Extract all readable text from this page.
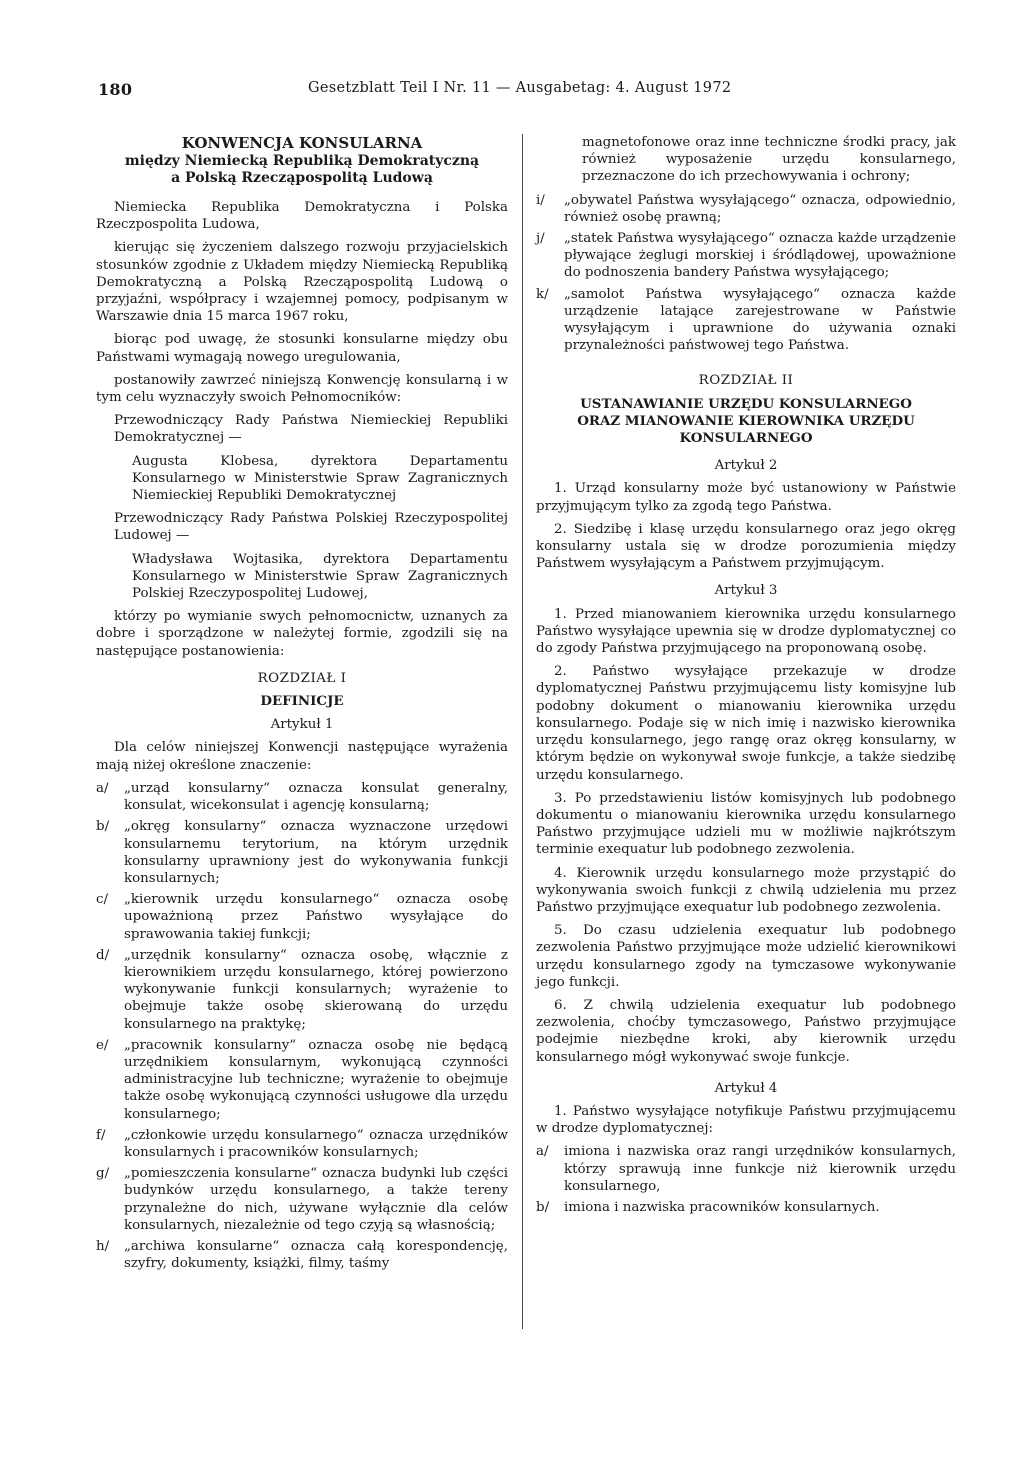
180	Gesetzblatt Teil I Nr. 11 — Ausgabetag: 4. August 1972

KONWENCJA KONSULARNA

między Niemiecką Republiką Demokratyczną

a Polską Rzecząpospolitą Ludową

Niemiecka Republika Demokratyczna i Polska Rzeczpospolita Ludowa,

kierując się życzeniem dalszego rozwoju przyjacielskich stosunków zgodnie z Układem między Niemiecką Republiką Demokratyczną a Polską Rzecząpospolitą Ludową o przyjaźni, współpracy i wzajemnej pomocy, podpisanym w Warszawie dnia 15 marca 1967 roku,

biorąc pod uwagę, że stosunki konsularne między obu Państwami wymagają nowego uregulowania,

postanowiły zawrzeć niniejszą Konwencję konsularną i w tym celu wyznaczyły swoich Pełnomocników:

Przewodniczący Rady Państwa Niemieckiej Republiki Demokratycznej —

Augusta Klobesa, dyrektora Departamentu Konsularnego w Ministerstwie Spraw Zagranicznych Niemieckiej Republiki Demokratycznej

Przewodniczący Rady Państwa Polskiej Rzeczypospolitej Ludowej —

Władysława Wojtasika, dyrektora Departamentu Konsularnego w Ministerstwie Spraw Zagranicznych Polskiej Rzeczypospolitej Ludowej,

którzy po wymianie swych pełnomocnictw, uznanych za dobre i sporządzone w należytej formie, zgodzili się na następujące postanowienia:

ROZDZIAŁ I
DEFINICJE
Artykuł 1

Dla celów niniejszej Konwencji następujące wyrażenia mają niżej określone znaczenie:

a/	„urząd konsularny“ oznacza konsulat generalny, konsulat, wicekonsulat i agencję konsularną;
b/	„okręg konsularny“ oznacza wyznaczone urzędowi konsularnemu terytorium, na którym urzędnik konsularny uprawniony jest do wykonywania funkcji konsularnych;
c/	„kierownik urzędu konsularnego“ oznacza osobę upoważnioną przez Państwo wysyłające do sprawowania takiej funkcji;
d/	„urzędnik konsularny“ oznacza osobę, włącznie z kierownikiem urzędu konsularnego, której powierzono wykonywanie funkcji konsularnych; wyrażenie to obejmuje także osobę skierowaną do urzędu konsularnego na praktykę;
e/	„pracownik konsularny“ oznacza osobę nie będącą urzędnikiem konsularnym, wykonującą czynności administracyjne lub techniczne; wyrażenie to obejmuje także osobę wykonującą czynności usługowe dla urzędu konsularnego;
f/	„członkowie urzędu konsularnego“ oznacza urzędników konsularnych i pracowników konsularnych;
g/	„pomieszczenia konsularne“ oznacza budynki lub części budynków urzędu konsularnego, a także tereny przynależne do nich, używane wyłącznie dla celów konsularnych, niezależnie od tego czyją są własnością;
h/	„archiwa konsularne“ oznacza całą korespondencję, szyfry, dokumenty, książki, filmy, taśmy

magnetofonowe oraz inne techniczne środki pracy, jak również wyposażenie urzędu konsularnego, przeznaczone do ich przechowywania i ochrony;

i/	„obywatel Państwa wysyłającego“ oznacza, odpowiednio, również osobę prawną;
j/	„statek Państwa wysyłającego“ oznacza każde urządzenie pływające żeglugi morskiej i śródlądowej, upoważnione do podnoszenia bandery Państwa wysyłającego;
k/	„samolot Państwa wysyłającego“ oznacza każde urządzenie latające zarejestrowane w Państwie wysyłającym i uprawnione do używania oznaki przynależności państwowej tego Państwa.
ROZDZIAŁ II
USTANAWIANIE URZĘDU KONSULARNEGO
ORAZ MIANOWANIE KIEROWNIKA URZĘDU
KONSULARNEGO
Artykuł 2

1. Urząd konsularny może być ustanowiony w Państwie przyjmującym tylko za zgodą tego Państwa.

2. Siedzibę i klasę urzędu konsularnego oraz jego okręg konsularny ustala się w drodze porozumienia między Państwem wysyłającym a Państwem przyjmującym.

Artykuł 3

1. Przed mianowaniem kierownika urzędu konsularnego Państwo wysyłające upewnia się w drodze dyplomatycznej co do zgody Państwa przyjmującego na proponowaną osobę.

2. Państwo wysyłające przekazuje w drodze dyplomatycznej Państwu przyjmującemu listy komisyjne lub podobny dokument o mianowaniu kierownika urzędu konsularnego. Podaje się w nich imię i nazwisko kierownika urzędu konsularnego, jego rangę oraz okręg konsularny, w którym będzie on wykonywał swoje funkcje, a także siedzibę urzędu konsularnego.

3. Po przedstawieniu listów komisyjnych lub podobnego dokumentu o mianowaniu kierownika urzędu konsularnego Państwo przyjmujące udzieli mu w możliwie najkrótszym terminie exequatur lub podobnego zezwolenia.

4. Kierownik urzędu konsularnego może przystąpić do wykonywania swoich funkcji z chwilą udzielenia mu przez Państwo przyjmujące exequatur lub podobnego zezwolenia.

5. Do czasu udzielenia exequatur lub podobnego zezwolenia Państwo przyjmujące może udzielić kierownikowi urzędu konsularnego zgody na tymczasowe wykonywanie jego funkcji.

6. Z chwilą udzielenia exequatur lub podobnego zezwolenia, choćby tymczasowego, Państwo przyjmujące podejmie niezbędne kroki, aby kierownik urzędu konsularnego mógł wykonywać swoje funkcje.

Artykuł 4

1. Państwo wysyłające notyfikuje Państwu przyjmującemu w drodze dyplomatycznej:

a/	imiona i nazwiska oraz rangi urzędników konsularnych, którzy sprawują inne funkcje niż kierownik urzędu konsularnego,
b/	imiona i nazwiska pracowników konsularnych.
